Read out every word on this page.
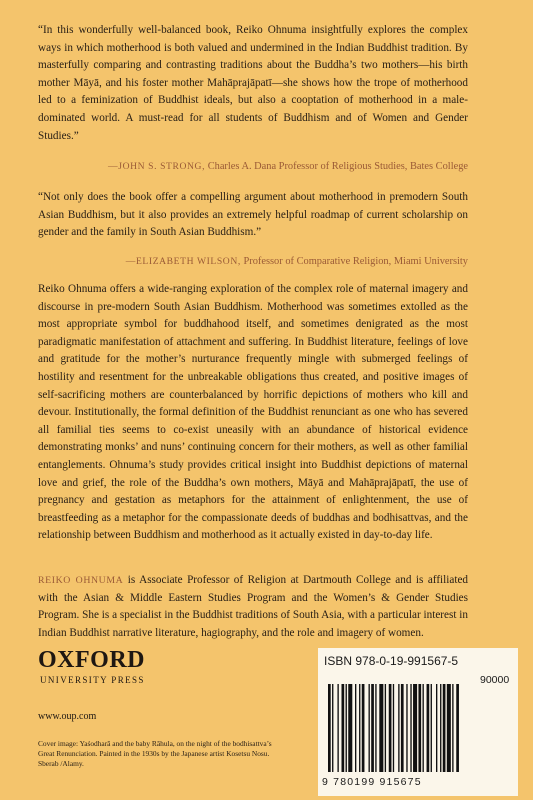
“In this wonderfully well-balanced book, Reiko Ohnuma insightfully explores the complex ways in which motherhood is both valued and undermined in the Indian Buddhist tradition. By masterfully comparing and contrasting traditions about the Buddha’s two mothers—his birth mother Māyā, and his foster mother Mahāprajāpatī—she shows how the trope of motherhood led to a feminization of Buddhist ideals, but also a cooptation of motherhood in a male-dominated world. A must-read for all students of Buddhism and of Women and Gender Studies.”

—JOHN S. STRONG, Charles A. Dana Professor of Religious Studies, Bates College

“Not only does the book offer a compelling argument about motherhood in premodern South Asian Buddhism, but it also provides an extremely helpful roadmap of current scholarship on gender and the family in South Asian Buddhism.”

—ELIZABETH WILSON, Professor of Comparative Religion, Miami University

Reiko Ohnuma offers a wide-ranging exploration of the complex role of maternal imagery and discourse in pre-modern South Asian Buddhism. Motherhood was sometimes extolled as the most appropriate symbol for buddhahood itself, and sometimes denigrated as the most paradigmatic manifestation of attachment and suffering. In Buddhist literature, feelings of love and gratitude for the mother’s nurturance frequently mingle with submerged feelings of hostility and resentment for the unbreakable obligations thus created, and positive images of self-sacrificing mothers are counterbalanced by horrific depictions of mothers who kill and devour. Institutionally, the formal definition of the Buddhist renunciant as one who has severed all familial ties seems to co-exist uneasily with an abundance of historical evidence demonstrating monks’ and nuns’ continuing concern for their mothers, as well as other familial entanglements. Ohnuma’s study provides critical insight into Buddhist depictions of maternal love and grief, the role of the Buddha’s own mothers, Māyā and Mahāprajāpatī, the use of pregnancy and gestation as metaphors for the attainment of enlightenment, the use of breastfeeding as a metaphor for the compassionate deeds of buddhas and bodhisattvas, and the relationship between Buddhism and motherhood as it actually existed in day-to-day life.

REIKO OHNUMA is Associate Professor of Religion at Dartmouth College and is affiliated with the Asian & Middle Eastern Studies Program and the Women’s & Gender Studies Program. She is a specialist in the Buddhist traditions of South Asia, with a particular interest in Indian Buddhist narrative literature, hagiography, and the role and imagery of women.

OXFORD
UNIVERSITY PRESS
www.oup.com

Cover image: Yaśodharā and the baby Rāhula, on the night of the bodhisattva’s Great Renunciation. Painted in the 1930s by the Japanese artist Kosetsu Nosu. Sberab /Alamy.

ISBN 978-0-19-991567-5
90000
9 780199 915675
